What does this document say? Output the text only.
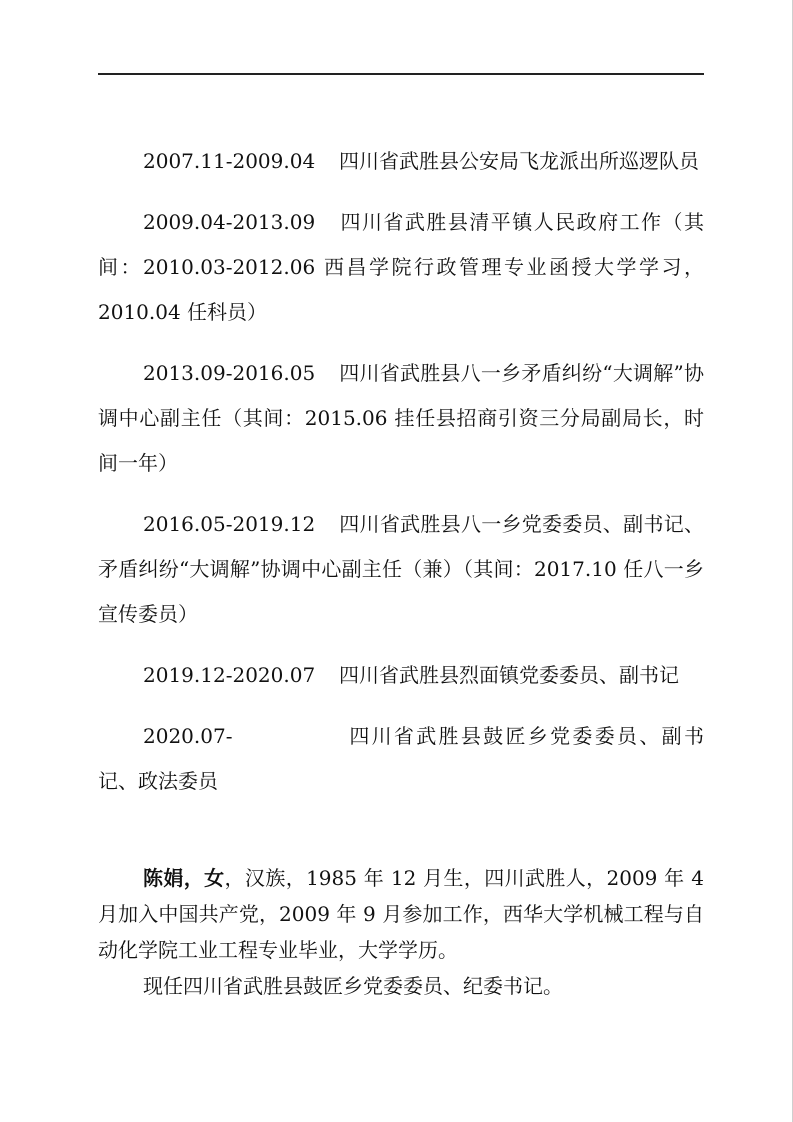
2007.11-2009.04 四川省武胜县公安局飞龙派出所巡逻队员

2009.04-2013.09 四川省武胜县清平镇人民政府工作（其间：2010.03-2012.06 西昌学院行政管理专业函授大学学习，2010.04 任科员）

2013.09-2016.05 四川省武胜县八一乡矛盾纠纷“大调解”协调中心副主任（其间：2015.06 挂任县招商引资三分局副局长，时间一年）

2016.05-2019.12 四川省武胜县八一乡党委委员、副书记、矛盾纠纷“大调解”协调中心副主任（兼）（其间：2017.10 任八一乡宣传委员）

2019.12-2020.07 四川省武胜县烈面镇党委委员、副书记

2020.07-	四川省武胜县鼓匠乡党委委员、副书记、政法委员

陈娟，女，汉族，1985 年 12 月生，四川武胜人，2009 年 4 月加入中国共产党，2009 年 9 月参加工作，西华大学机械工程与自动化学院工业工程专业毕业，大学学历。

现任四川省武胜县鼓匠乡党委委员、纪委书记。
